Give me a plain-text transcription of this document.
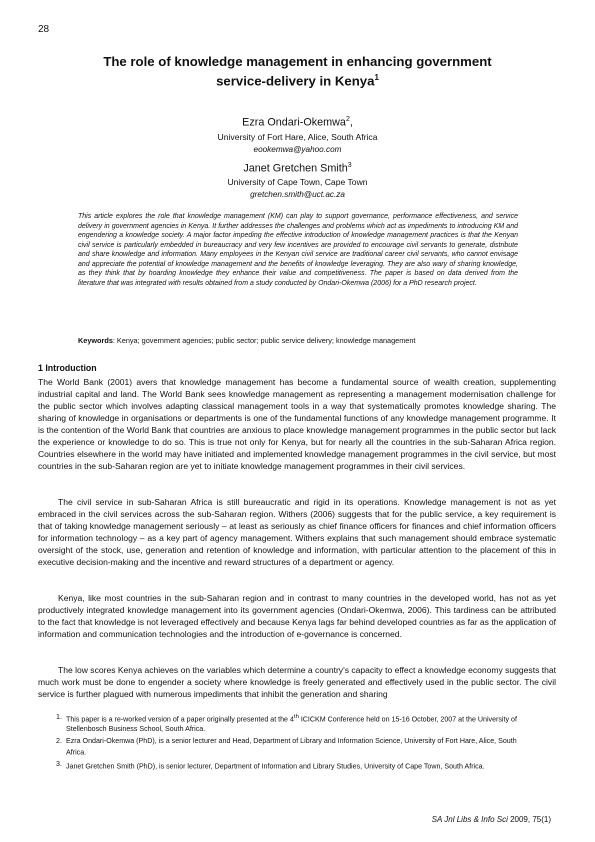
28
The role of knowledge management in enhancing government
service-delivery in Kenya$^1$
Ezra Ondari-Okemwa$^2$,
University of Fort Hare, Alice, South Africa
eookemwa@yahoo.com
Janet Gretchen Smith$^3$
University of Cape Town, Cape Town
gretchen.smith@uct.ac.za

This article explores the role that knowledge management (KM) can play to support governance, performance effectiveness, and service delivery in government agencies in Kenya. It further addresses the challenges and problems which act as impediments to introducing KM and engendering a knowledge society. A major factor impeding the effective introduction of knowledge management practices is that the Kenyan civil service is particularly embedded in bureaucracy and very few incentives are provided to encourage civil servants to generate, distribute and share knowledge and information. Many employees in the Kenyan civil service are traditional career civil servants, who cannot envisage and appreciate the potential of knowledge management and the benefits of knowledge leveraging. They are also wary of sharing knowledge, as they think that by hoarding knowledge they enhance their value and competitiveness. The paper is based on data derived from the literature that was integrated with results obtained from a study conducted by Ondari-Okemwa (2006) for a PhD research project.

Keywords: Kenya; government agencies; public sector; public service delivery; knowledge management
1 Introduction

The World Bank (2001) avers that knowledge management has become a fundamental source of wealth creation, supplementing industrial capital and land. The World Bank sees knowledge management as representing a management modernisation challenge for the public sector which involves adapting classical management tools in a way that systematically promotes knowledge sharing. The sharing of knowledge in organisations or departments is one of the fundamental functions of any knowledge management programme. It is the contention of the World Bank that countries are anxious to place knowledge management programmes in the public sector but lack the experience or knowledge to do so. This is true not only for Kenya, but for nearly all the countries in the sub-Saharan Africa region. Countries elsewhere in the world may have initiated and implemented knowledge management programmes in the civil service, but most countries in the sub-Saharan region are yet to initiate knowledge management programmes in their civil services.

The civil service in sub-Saharan Africa is still bureaucratic and rigid in its operations. Knowledge management is not as yet embraced in the civil services across the sub-Saharan region. Withers (2006) suggests that for the public service, a key requirement is that of taking knowledge management seriously – at least as seriously as chief finance officers for finances and chief information officers for information technology – as a key part of agency management. Withers explains that such management should embrace systematic oversight of the stock, use, generation and retention of knowledge and information, with particular attention to the placement of this in executive decision-making and the incentive and reward structures of a department or agency.

Kenya, like most countries in the sub-Saharan region and in contrast to many countries in the developed world, has not as yet productively integrated knowledge management into its government agencies (Ondari-Okemwa, 2006). This tardiness can be attributed to the fact that knowledge is not leveraged effectively and because Kenya lags far behind developed countries as far as the application of information and communication technologies and the introduction of e-governance is concerned.

The low scores Kenya achieves on the variables which determine a country's capacity to effect a knowledge economy suggests that much work must be done to engender a society where knowledge is freely generated and effectively used in the public sector. The civil service is further plagued with numerous impediments that inhibit the generation and sharing

1. This paper is a re-worked version of a paper originally presented at the 4th ICICKM Conference held on 15-16 October, 2007 at the University of Stellenbosch Business School, South Africa.
2. Ezra Ondari-Okemwa (PhD), is a senior lecturer and Head, Department of Library and Information Science, University of Fort Hare, Alice, South Africa.
3. Janet Gretchen Smith (PhD), is senior lecturer, Department of Information and Library Studies, University of Cape Town, South Africa.
SA Jnl Libs & Info Sci 2009, 75(1)
